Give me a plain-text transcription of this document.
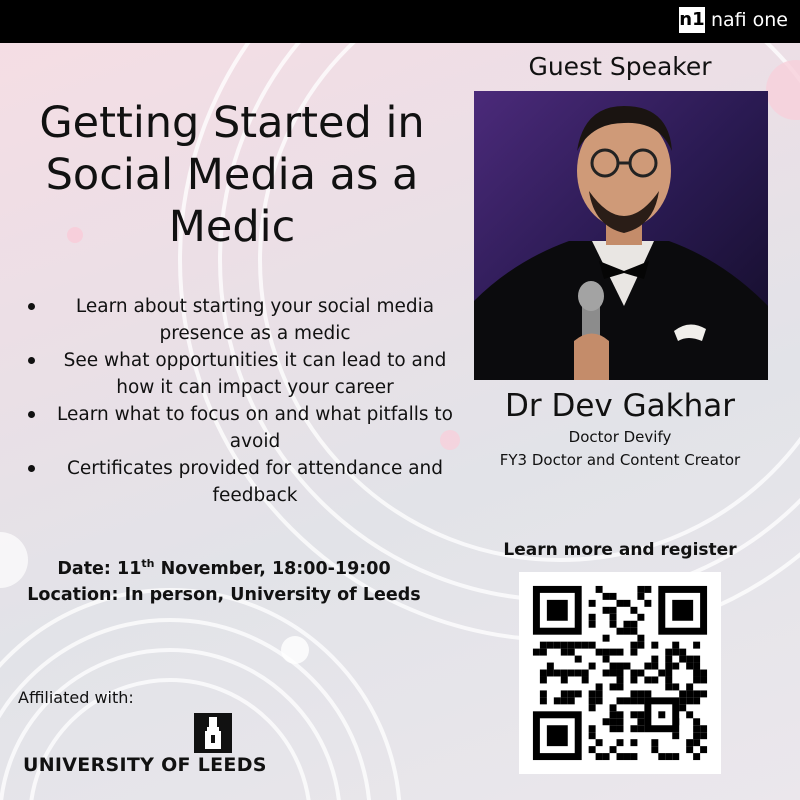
n1 nafi one
Getting Started in Social Media as a Medic
Learn about starting your social media presence as a medic
See what opportunities it can lead to and how it can impact your career
Learn what to focus on and what pitfalls to avoid
Certificates provided for attendance and feedback
Date: 11th November, 18:00-19:00
Location: In person, University of Leeds
Affiliated with:
UNIVERSITY OF LEEDS
Guest Speaker
Dr Dev Gakhar
Doctor Devify
FY3 Doctor and Content Creator
Learn more and register
